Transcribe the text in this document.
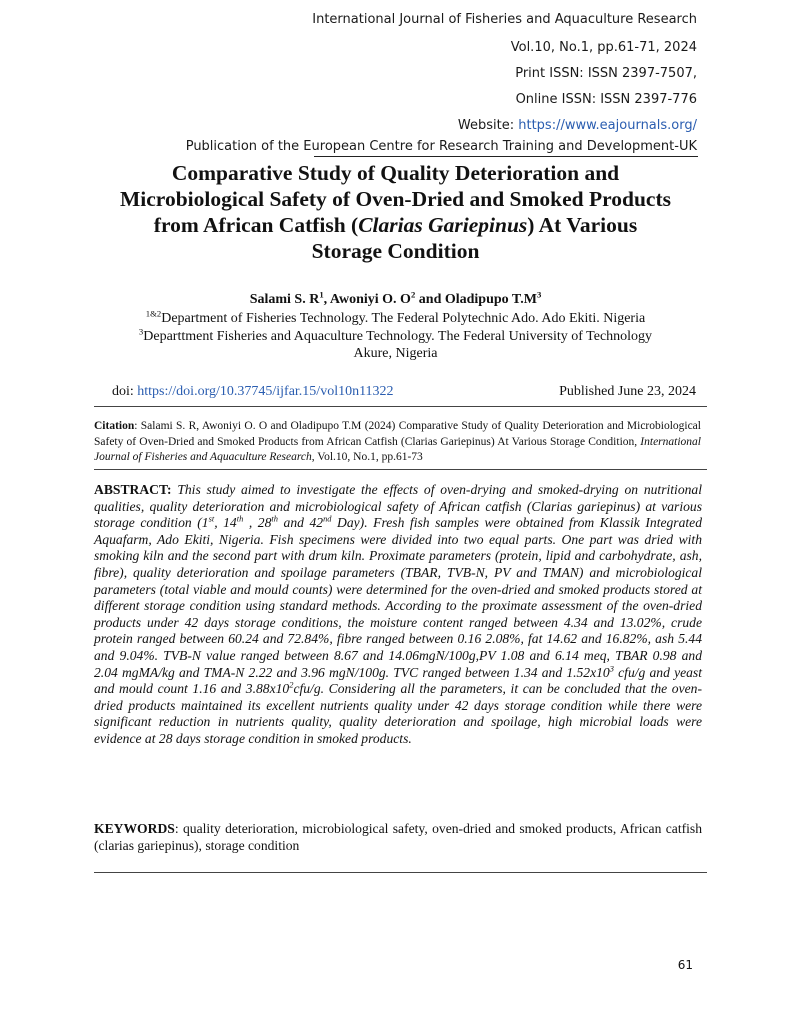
International Journal of Fisheries and Aquaculture Research
Vol.10, No.1, pp.61-71, 2024
Print ISSN: ISSN 2397-7507,
Online ISSN: ISSN 2397-776
Website: https://www.eajournals.org/
Publication of the European Centre for Research Training and Development-UK
Comparative Study of Quality Deterioration and
Microbiological Safety of Oven-Dried and Smoked Products
from African Catfish (Clarias Gariepinus) At Various
Storage Condition
Salami S. $R^1$, Awoniyi O. $O^2$ and Oladipupo $T.M^3$
$^{1\&2}$Department of Fisheries Technology. The Federal Polytechnic Ado. Ado Ekiti. Nigeria
$^3$Departtment Fisheries and Aquaculture Technology. The Federal University of Technology
Akure, Nigeria
doi: https://doi.org/10.37745/ijfar.15/vol10n11322	Published June 23, 2024
Citation: Salami S. R, Awoniyi O. O and Oladipupo T.M (2024) Comparative Study of Quality Deterioration and Microbiological Safety of Oven-Dried and Smoked Products from African Catfish (Clarias Gariepinus) At Various Storage Condition, International Journal of Fisheries and Aquaculture Research, Vol.10, No.1, pp.61-73
ABSTRACT: This study aimed to investigate the effects of oven-drying and smoked-drying on nutritional qualities, quality deterioration and microbiological safety of African catfish (Clarias gariepinus) at various storage condition (1st, 14th , 28th and 42nd Day). Fresh fish samples were obtained from Klassik Integrated Aquafarm, Ado Ekiti, Nigeria. Fish specimens were divided into two equal parts. One part was dried with smoking kiln and the second part with drum kiln. Proximate parameters (protein, lipid and carbohydrate, ash, fibre), quality deterioration and spoilage parameters (TBAR, TVB-N, PV and TMAN) and microbiological parameters (total viable and mould counts) were determined for the oven-dried and smoked products stored at different storage condition using standard methods. According to the proximate assessment of the oven-dried products under 42 days storage conditions, the moisture content ranged between 4.34 and 13.02%, crude protein ranged between 60.24 and 72.84%, fibre ranged between 0.16 2.08%, fat 14.62 and 16.82%, ash 5.44 and 9.04%. TVB-N value ranged between 8.67 and 14.06mgN/100g,PV 1.08 and 6.14 meq, TBAR 0.98 and 2.04 mgMA/kg and TMA-N 2.22 and 3.96 mgN/100g. TVC ranged between 1.34 and $1.52x10^3$ cfu/g and yeast and mould count 1.16 and $3.88x10^2cfu/g$. Considering all the parameters, it can be concluded that the oven-dried products maintained its excellent nutrients quality under 42 days storage condition while there were significant reduction in nutrients quality, quality deterioration and spoilage, high microbial loads were evidence at 28 days storage condition in smoked products.
KEYWORDS: quality deterioration, microbiological safety, oven-dried and smoked products, African catfish (clarias gariepinus), storage condition
61
